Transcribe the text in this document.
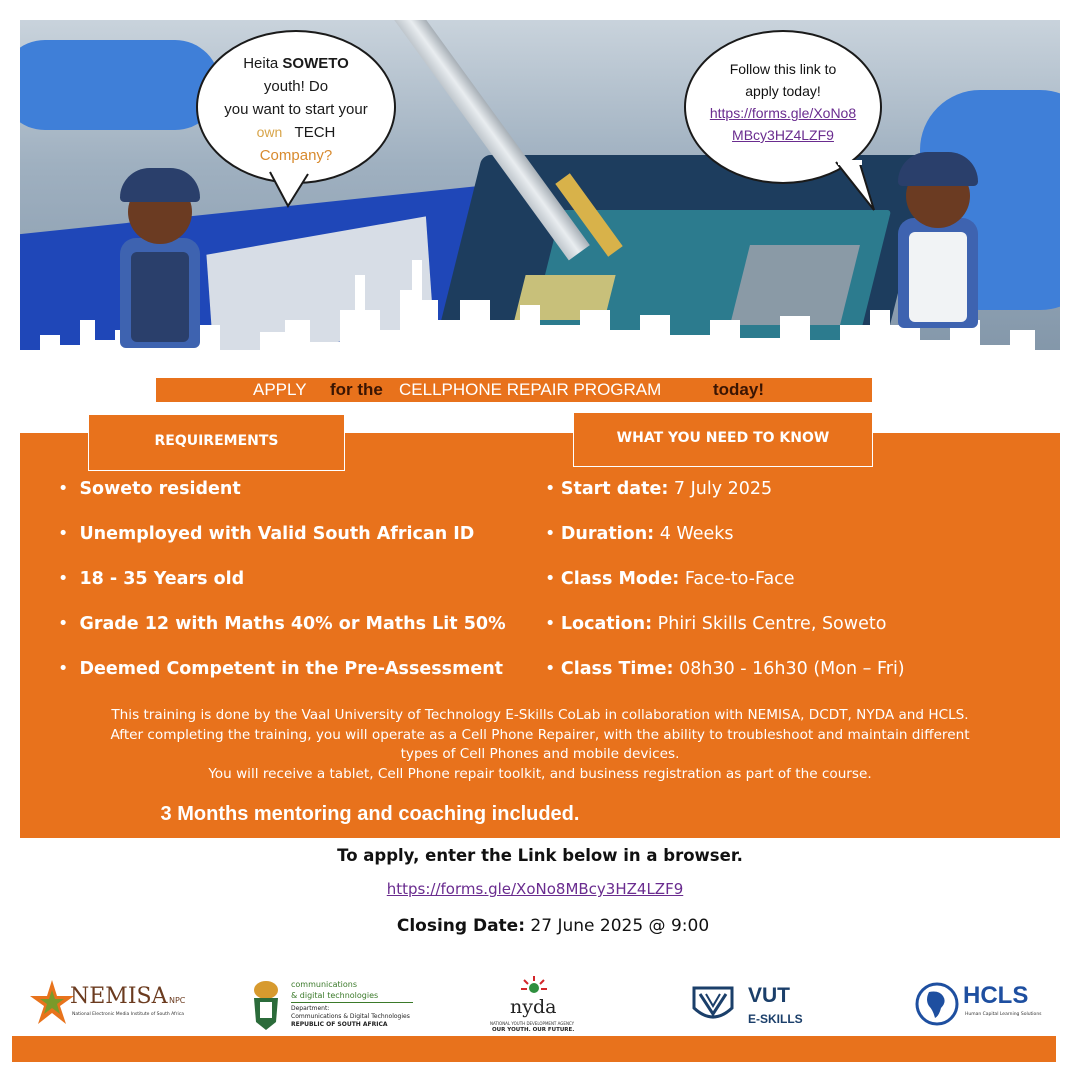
Heita SOWETO
youth! Do
you want to start your
own TECH
Company?
Follow this link to
apply today!
https://forms.gle/XoNo8
MBcy3HZ4LZF9
APPLY for the CELLPHONE REPAIR PROGRAM	today!
REQUIREMENTS	WHAT YOU NEED TO KNOW
•  Soweto resident
•  Unemployed with Valid South African ID
•  18 - 35 Years old
•  Grade 12 with Maths 40% or Maths Lit 50%
•  Deemed Competent in the Pre-Assessment
• Start date: 7 July 2025
• Duration: 4 Weeks
• Class Mode: Face-to-Face
• Location: Phiri Skills Centre, Soweto
• Class Time: 08h30 - 16h30 (Mon – Fri)
This training is done by the Vaal University of Technology E-Skills CoLab in collaboration with NEMISA, DCDT, NYDA and HCLS.
After completing the training, you will operate as a Cell Phone Repairer, with the ability to troubleshoot and maintain different
types of Cell Phones and mobile devices.
You will receive a tablet, Cell Phone repair toolkit, and business registration as part of the course.
3 Months mentoring and coaching included.
To apply, enter the Link below in a browser.
https://forms.gle/XoNo8MBcy3HZ4LZF9
Closing Date: 27 June 2025 @ 9:00
NEMISA NPC
National Electronic Media Institute of South Africa
communications
& digital technologies
Department:
Communications & Digital Technologies
REPUBLIC OF SOUTH AFRICA
nyda
NATIONAL YOUTH DEVELOPMENT AGENCY
OUR YOUTH. OUR FUTURE.
VUT
E-SKILLS
HCLS
Human Capital Learning Solutions
